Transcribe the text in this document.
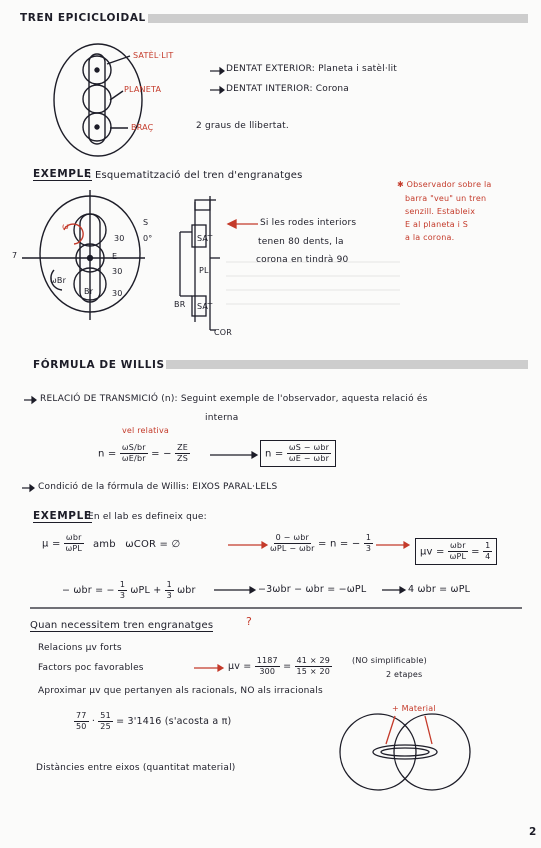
TREN EPICICLOIDAL
SATÈL·LIT
PLANETA
BRAÇ
DENTAT EXTERIOR: Planeta i satèl·lit
DENTAT INTERIOR: Corona
2 graus de llibertat.
EXEMPLE
: Esquematització del tren d'engranatges
S
0°
30
E
30
30
Br
ωBr
ω
7
SAT
PL
BR SAT
COR
Si les rodes interiors
tenen 80 dents, la
corona en tindrà 90
✱ Observador sobre la
barra "veu" un tren
senzill. Estableix
E al planeta i S
a la corona.
FÓRMULA DE WILLIS
RELACIÓ DE TRANSMICIÓ (n): Seguint exemple de l'observador, aquesta relació és
interna
vel relativa
$n = \frac{\omega S/br}{\omega E/br}$ = − $\frac{ZE}{ZS}$	$n = \frac{\text{ωS − ωbr}}{\text{ωE − ωbr}}$
Condició de la fórmula de Willis: EIXOS PARAL·LELS
EXEMPLE
En el lab es defineix que:
$\mu = \frac{\text{ωbr}}{\text{ωPL}}$ amb ωCOR = ∅	$\frac{\text{0 − ωbr}}{\text{ωPL − ωbr}} = n$ = − $\frac{1}{3}$	$\mu v = \frac{\text{ωbr}}{\text{ωPL}} = \frac{1}{4}$
− ωbr = − $\frac{1}{3}$ $\omega PL + \frac{1}{3}$ ωbr	−3ωbr − ωbr = −ωPL	4 ωbr = ωPL
Quan necessitem tren engranatges	?
Relacions μv forts
Factors poc favorables	$\mu v = \frac{1187}{300} = \frac{41 \times 29}{15 \times 20} (NO$ simplificable)
2 etapes
Aproximar μv que pertanyen als racionals, NO als irracionals
$\frac{77}{50} \cdot \frac{51}{25} = 3'1416$ (s'acosta a π)
+ Material
Distàncies entre eixos (quantitat material)
2
